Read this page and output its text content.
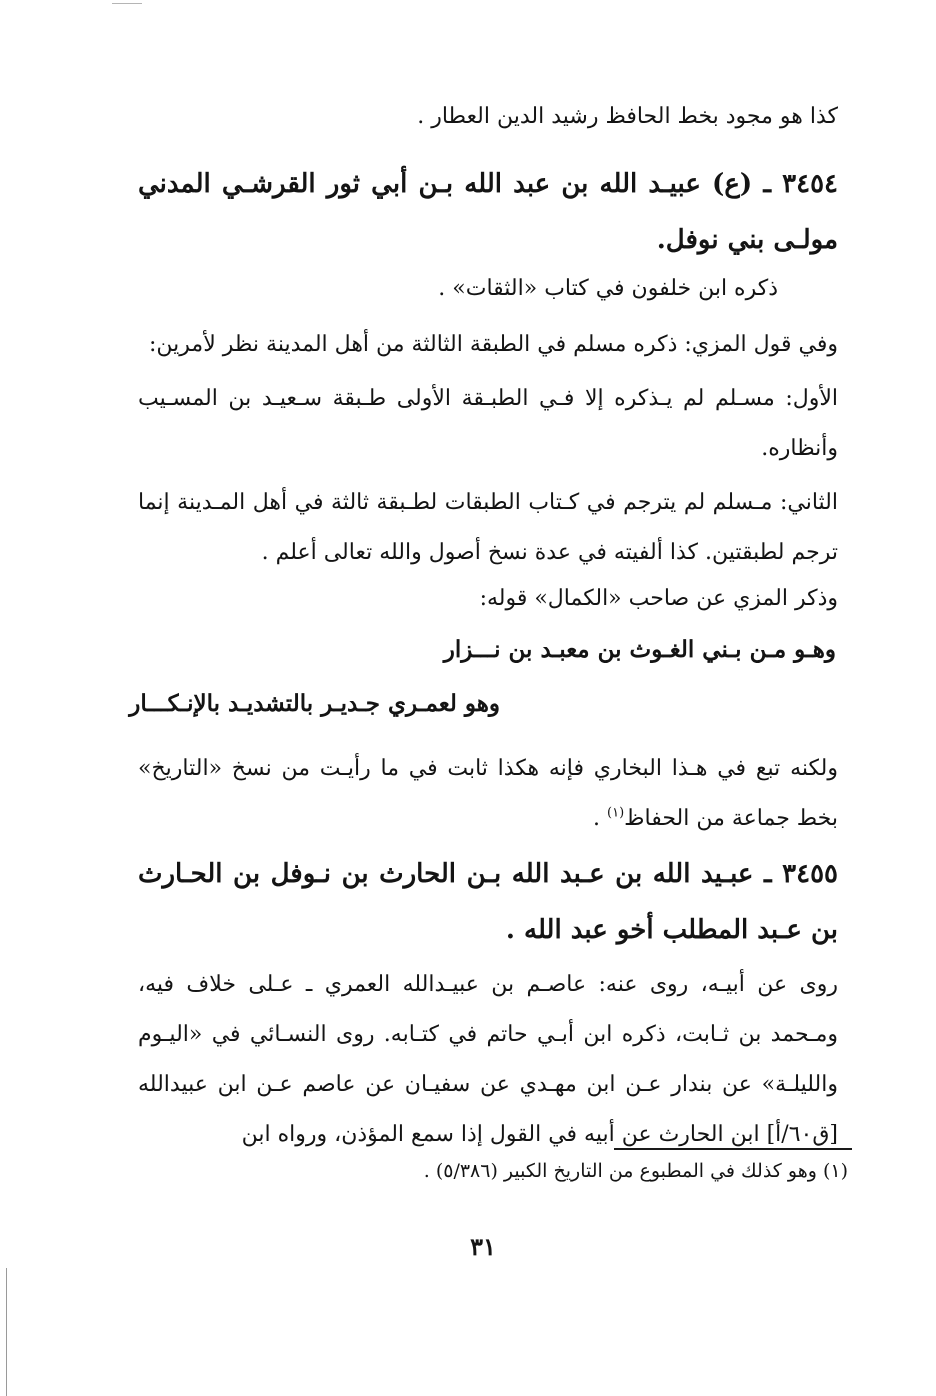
كذا هو مجود بخط الحافظ رشيد الدين العطار .

٣٤٥٤ ـ (ع) عبيـد الله بن عبد الله بـن أبي ثور القرشـي المدني مولـى بني نوفل.

ذكره ابن خلفون في كتاب «الثقات» .

وفي قول المزي: ذكره مسلم في الطبقة الثالثة من أهل المدينة نظر لأمرين:

الأول: مسـلم لم يـذكره إلا فـي الطبـقة الأولى طـبقة سـعيـد بن المسـيب وأنظاره.

الثاني: مـسلم لم يترجم في كـتاب الطبقات لطـبقة ثالثة في أهل المـدينة إنما ترجم لطبقتين. كذا ألفيته في عدة نسخ أصول والله تعالى أعلم .

وذكر المزي عن صاحب «الكمال» قوله:

وهـو مـن بـني الغـوث بن معبـد بن نـــزار

وهو لعمـري جـديـر بالتشديـد بالإنـكـــار

ولكنه تبع في هـذا البخاري فإنه هكذا ثابت في ما رأيـت من نسخ «التاريخ» بخط جماعة من الحفاظ$^{(١)}$ .

٣٤٥٥ ـ عبـيد الله بن عـبد الله بـن الحارث بن نـوفل بن الحـارث بن عـبد المطلب أخو عبد الله .

روى عن أبيـه، روى عنه: عاصـم بن عبيـدالله العمري ـ عـلى خلاف فيه، ومـحمد بن ثـابت، ذكره ابن أبـي حاتم في كتـابه. روى النسـائي في «اليـوم والليلـة» عن بندار عـن ابن مهـدي عن سفيـان عن عاصم عـن ابن عبيدالله [ق٦٠/أ] ابن الحارث عن أبيه في القول إذا سمع المؤذن، ورواه ابن

(١) وهو كذلك في المطبوع من التاريخ الكبير (٥/٣٨٦) .

٣١
